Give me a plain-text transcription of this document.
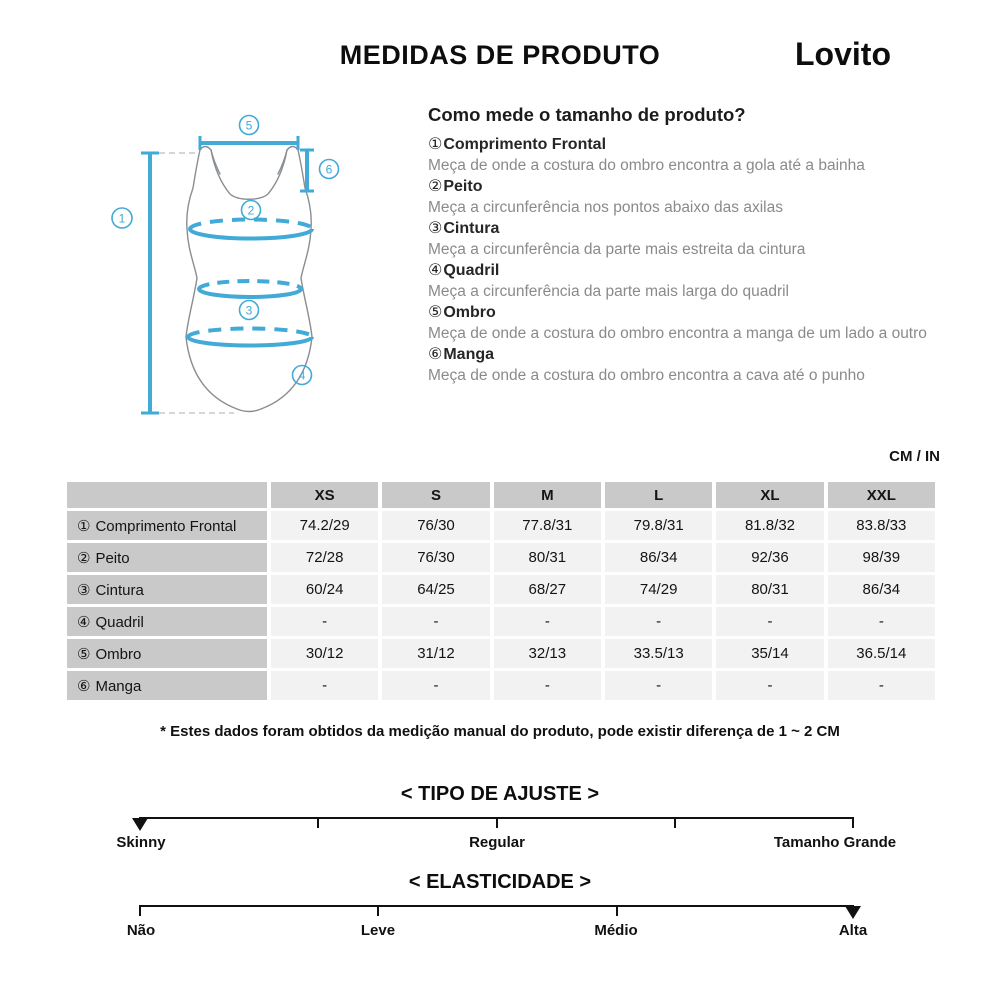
MEDIDAS DE PRODUTO	Lovito
1
2
3
4
5
6
Como mede o tamanho de produto?
①Comprimento Frontal
Meça de onde a costura do ombro encontra a gola até a bainha
②Peito
Meça a circunferência nos pontos abaixo das axilas
③Cintura
Meça a circunferência da parte mais estreita da cintura
④Quadril
Meça a circunferência da parte mais larga do quadril
⑤Ombro
Meça de onde a costura do ombro encontra a manga de um lado a outro
⑥Manga
Meça de onde a costura do ombro encontra a cava até o punho
CM / IN
	XS	S	M	L	XL	XXL
① Comprimento Frontal	74.2/29	76/30	77.8/31	79.8/31	81.8/32	83.8/33
② Peito	72/28	76/30	80/31	86/34	92/36	98/39
③ Cintura	60/24	64/25	68/27	74/29	80/31	86/34
④ Quadril	-	-	-	-	-	-
⑤ Ombro	30/12	31/12	32/13	33.5/13	35/14	36.5/14
⑥ Manga	-	-	-	-	-	-
* Estes dados foram obtidos da medição manual do produto, pode existir diferença de 1 ~ 2 CM
< TIPO DE AJUSTE >
Skinny	Regular	Tamanho Grande
< ELASTICIDADE >
Não	Leve	Médio	Alta
